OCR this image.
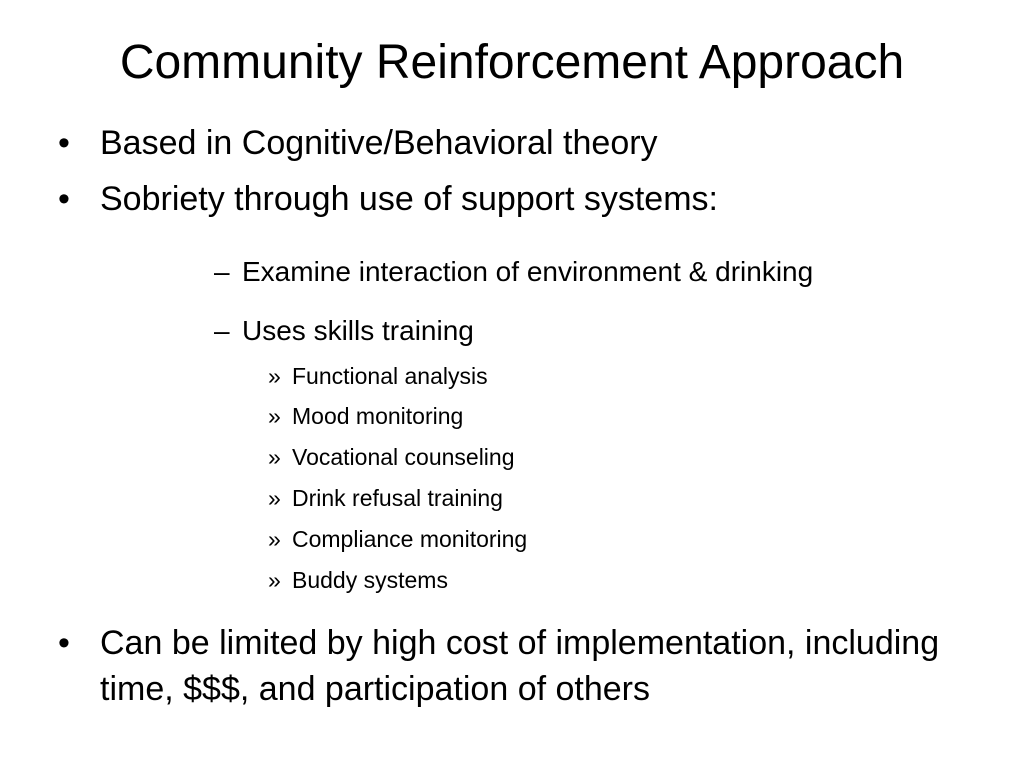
Community Reinforcement Approach
• Based in Cognitive/Behavioral theory
• Sobriety through use of support systems:
– Examine interaction of environment & drinking
– Uses skills training
» Functional analysis
» Mood monitoring
» Vocational counseling
» Drink refusal training
» Compliance monitoring
» Buddy systems
• Can be limited by high cost of implementation, including time, $$$, and participation of others
